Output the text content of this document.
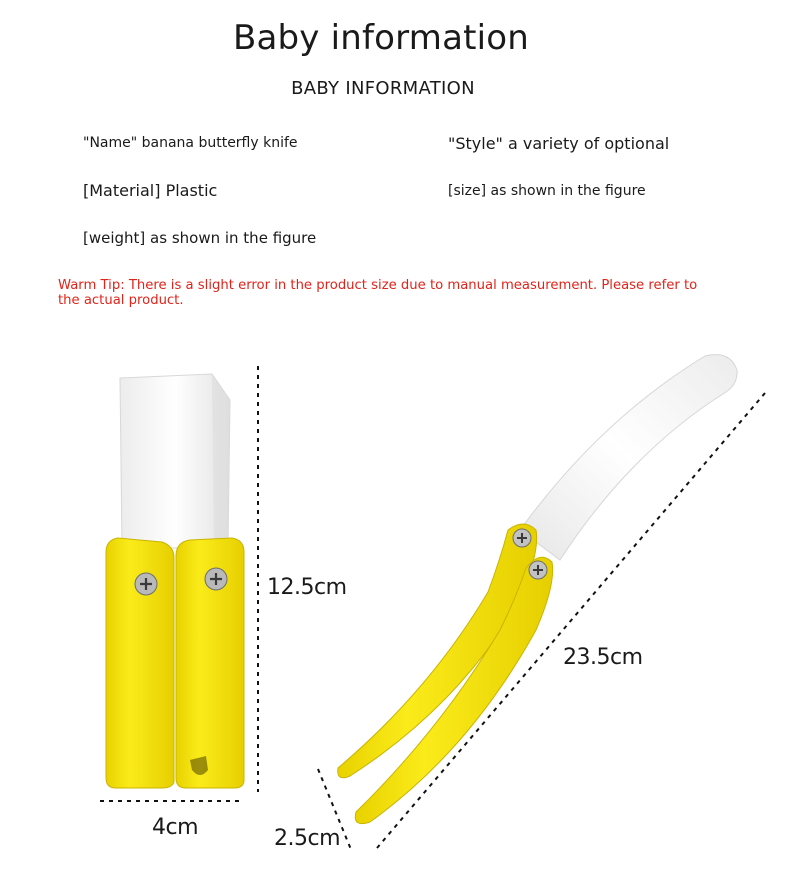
Baby information
BABY INFORMATION
"Name" banana butterfly knife	"Style" a variety of optional
[Material] Plastic	[size] as shown in the figure
[weight] as shown in the figure
Warm Tip: There is a slight error in the product size due to manual measurement. Please refer to the actual product.
12.5cm
4cm
23.5cm
2.5cm
